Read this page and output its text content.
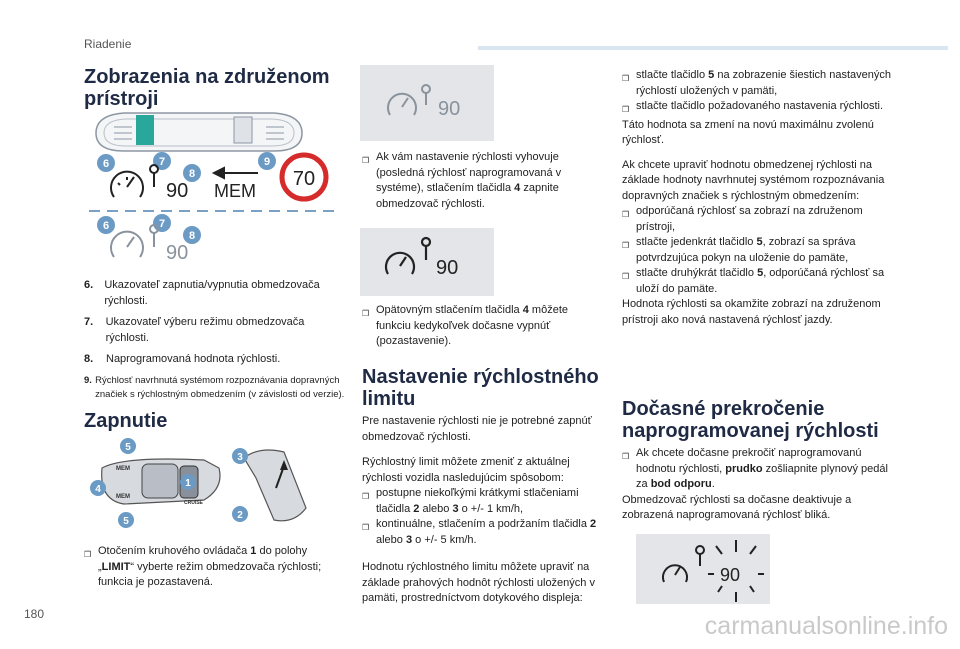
Riadenie
Zobrazenia na združenom
prístroji
6	7
8
9
90 MEM
70
6	7
8
90
6.	Ukazovateľ zapnutia/vypnutia obmedzovača rýchlosti.
7.	Ukazovateľ výberu režimu obmedzovača rýchlosti.
8.	Naprogramovaná hodnota rýchlosti.
9. Rýchlosť navrhnutá systémom rozpoznávania dopravných značiek s rýchlostným obmedzením (v závislosti od verzie).
Zapnutie
MEM
MEM
CRUISE
5
4
5
3
1
2
❒ Otočením kruhového ovládača 1 do polohy „LIMIT“ vyberte režim obmedzovača rýchlosti; funkcia je pozastavená.
90
❒ Ak vám nastavenie rýchlosti vyhovuje (posledná rýchlosť naprogramovaná v systéme), stlačením tlačidla 4 zapnite obmedzovač rýchlosti.
90
❒ Opätovným stlačením tlačidla 4 môžete funkciu kedykoľvek dočasne vypnúť (pozastavenie).
Nastavenie rýchlostného
limitu

Pre nastavenie rýchlosti nie je potrebné zapnúť obmedzovač rýchlosti.

Rýchlostný limit môžete zmeniť z aktuálnej rýchlosti vozidla nasledujúcim spôsobom:

❒ postupne niekoľkými krátkymi stlačeniami tlačidla 2 alebo 3 o +/- 1 km/h,
❒ kontinuálne, stlačením a podržaním tlačidla 2 alebo 3 o +/- 5 km/h.

Hodnotu rýchlostného limitu môžete upraviť na základe prahových hodnôt rýchlosti uložených v pamäti, prostredníctvom dotykového displeja:

❒ stlačte tlačidlo 5 na zobrazenie šiestich nastavených rýchlostí uložených v pamäti,
❒ stlačte tlačidlo požadovaného nastavenia rýchlosti.

Táto hodnota sa zmení na novú maximálnu zvolenú rýchlosť.

Ak chcete upraviť hodnotu obmedzenej rýchlosti na základe hodnoty navrhnutej systémom rozpoznávania dopravných značiek s rýchlostným obmedzením:

❒ odporúčaná rýchlosť sa zobrazí na združenom prístroji,
❒ stlačte jedenkrát tlačidlo 5, zobrazí sa správa potvrdzujúca pokyn na uloženie do pamäte,
❒ stlačte druhýkrát tlačidlo 5, odporúčaná rýchlosť sa uloží do pamäte.

Hodnota rýchlosti sa okamžite zobrazí na združenom prístroji ako nová nastavená rýchlosť jazdy.

Dočasné prekročenie
naprogramovanej rýchlosti
❒ Ak chcete dočasne prekročiť naprogramovanú hodnotu rýchlosti, prudko zošliapnite plynový pedál za bod odporu.

Obmedzovač rýchlosti sa dočasne deaktivuje a zobrazená naprogramovaná rýchlosť bliká.

90
180	carmanualsonline.info
